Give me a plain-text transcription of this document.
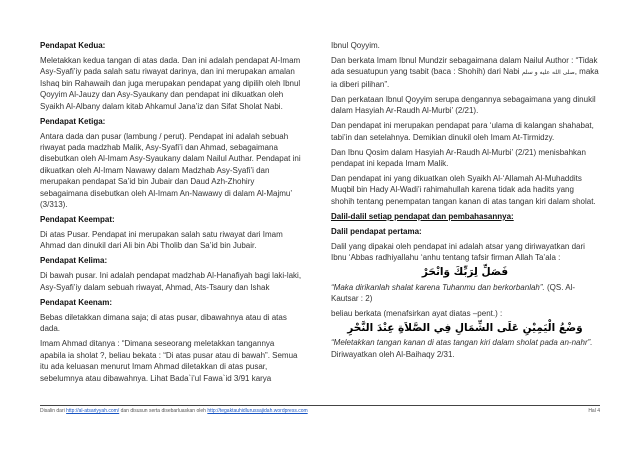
Pendapat Kedua:

Meletakkan kedua tangan di atas dada. Dan ini adalah pendapat Al-Imam Asy-Syafi’iy pada salah satu riwayat darinya, dan ini merupakan amalan Ishaq bin Rahawaih dan juga merupakan pendapat yang dipilih oleh Ibnul Qoyyim Al-Jauzy dan Asy-Syaukany dan pendapat ini dikuatkan oleh Syaikh Al-Albany dalam kitab Ahkamul Jana’iz dan Sifat Sholat Nabi.

Pendapat Ketiga:

Antara dada dan pusar (lambung / perut). Pendapat ini adalah sebuah riwayat pada madzhab Malik, Asy-Syafi’i dan Ahmad, sebagaimana disebutkan oleh Al-Imam Asy-Syaukany dalam Nailul Authar. Pendapat ini dikuatkan oleh Al-Imam Nawawy dalam Madzhab Asy-Syafi’i dan merupakan pendapat Sa’id bin Jubair dan Daud Azh-Zhohiry sebagaimana disebutkan oleh Al-Imam An-Nawawy di dalam Al-Majmu’ (3/313).

Pendapat Keempat:

Di atas Pusar. Pendapat ini merupakan salah satu riwayat dari Imam Ahmad dan dinukil dari Ali bin Abi Tholib dan Sa’id bin Jubair.

Pendapat Kelima:

Di bawah pusar. Ini adalah pendapat madzhab Al-Hanafiyah bagi laki-laki, Asy-Syafi’iy dalam sebuah riwayat, Ahmad, Ats-Tsaury dan Ishak

Pendapat Keenam:

Bebas diletakkan dimana saja; di atas pusar, dibawahnya atau di atas dada.

Imam Ahmad ditanya : “Dimana seseorang meletakkan tangannya apabila ia sholat ?, beliau bekata : “Di atas pusar atau di bawah”. Semua itu ada keluasan menurut Imam Ahmad diletakkan di atas pusar, sebelumnya atau dibawahnya. Lihat Bada`i’ul Fawa`id 3/91 karya

Ibnul Qoyyim.

Dan berkata Imam Ibnul Mundzir sebagaimana dalam Nailul Author : “Tidak ada sesuatupun yang tsabit (baca : Shohih) dari Nabi صلى الله عليه و سلم, maka ia diberi pilihan”.

Dan perkataan Ibnul Qoyyim serupa dengannya sebagaimana yang dinukil dalam Hasyiah Ar-Raudh Al-Murbi’ (2/21).

Dan pendapat ini merupakan pendapat para ‘ulama di kalangan shahabat, tabi’in dan setelahnya. Demikian dinukil oleh Imam At-Tirmidzy.

Dan Ibnu Qosim dalam Hasyiah Ar-Raudh Al-Murbi’ (2/21) menisbahkan pendapat ini kepada Imam Malik.

Dan pendapat ini yang dikuatkan oleh Syaikh Al-‘Allamah Al-Muhaddits Muqbil bin Hady Al-Wadi’i rahimahullah karena tidak ada hadits yang shohih tentang penempatan tangan kanan di atas tangan kiri dalam sholat.

Dalil-dalil setiap pendapat dan pembahasannya:
Dalil pendapat pertama:

Dalil yang dipakai oleh pendapat ini adalah atsar yang diriwayatkan dari Ibnu ‘Abbas radhiyallahu ‘anhu tentang tafsir firman Allah Ta’ala :

فَصَلِّ لِرَبِّكَ وَانْحَرْ

“Maka dirikanlah shalat karena Tuhanmu dan berkorbanlah”. (QS. Al-Kautsar : 2)

beliau berkata (menafsirkan ayat diatas –pent.) :

وَضْعُ الْيَمِيْنِ عَلَى الشِّمَالِ فِي الصَّلاَةِ عِنْدَ النَّحْرِ

“Meletakkan tangan kanan di atas tangan kiri dalam sholat pada an-nahr”. Diriwayatkan oleh Al-Baihaqy 2/31.

Disalin dari http://al-atsariyyah.com/ dan disusun serta disebarluaskan oleh http://tegaktauhidlurussajidah.wordpress.com	Hal 4
